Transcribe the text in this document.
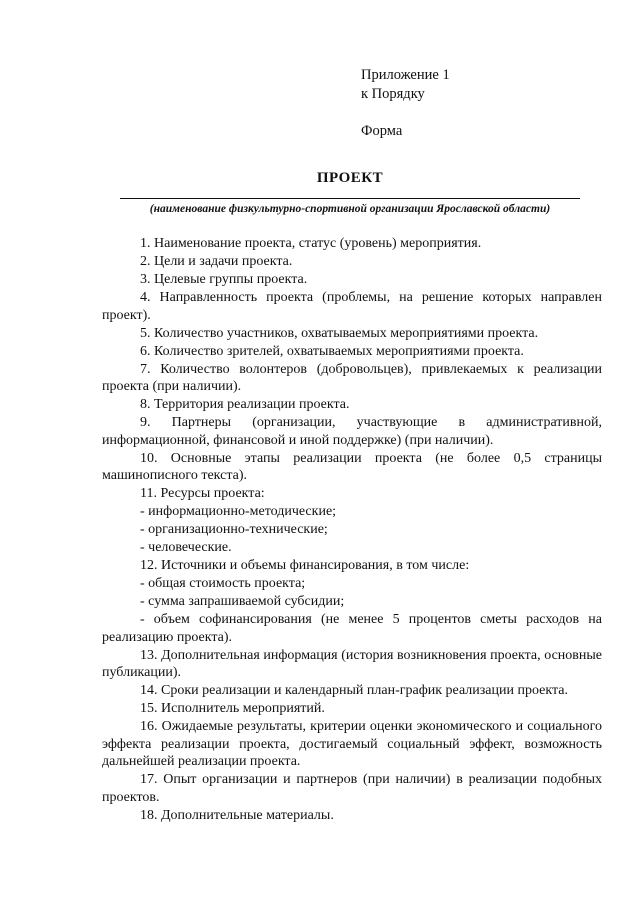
Приложение 1
к Порядку
Форма
ПРОЕКТ
(наименование физкультурно-спортивной организации Ярославской области)

1. Наименование проекта, статус (уровень) мероприятия.

2. Цели и задачи проекта.

3. Целевые группы проекта.

4. Направленность проекта (проблемы, на решение которых направлен проект).

5. Количество участников, охватываемых мероприятиями проекта.

6. Количество зрителей, охватываемых мероприятиями проекта.

7. Количество волонтеров (добровольцев), привлекаемых к реализации проекта (при наличии).

8. Территория реализации проекта.

9. Партнеры (организации, участвующие в административной, информационной, финансовой и иной поддержке) (при наличии).

10. Основные этапы реализации проекта (не более 0,5 страницы машинописного текста).

11. Ресурсы проекта:

- информационно-методические;

- организационно-технические;

- человеческие.

12. Источники и объемы финансирования, в том числе:

- общая стоимость проекта;

- сумма запрашиваемой субсидии;

- объем софинансирования (не менее 5 процентов сметы расходов на реализацию проекта).

13. Дополнительная информация (история возникновения проекта, основные публикации).

14. Сроки реализации и календарный план-график реализации проекта.

15. Исполнитель мероприятий.

16. Ожидаемые результаты, критерии оценки экономического и социального эффекта реализации проекта, достигаемый социальный эффект, возможность дальнейшей реализации проекта.

17. Опыт организации и партнеров (при наличии) в реализации подобных проектов.

18. Дополнительные материалы.
